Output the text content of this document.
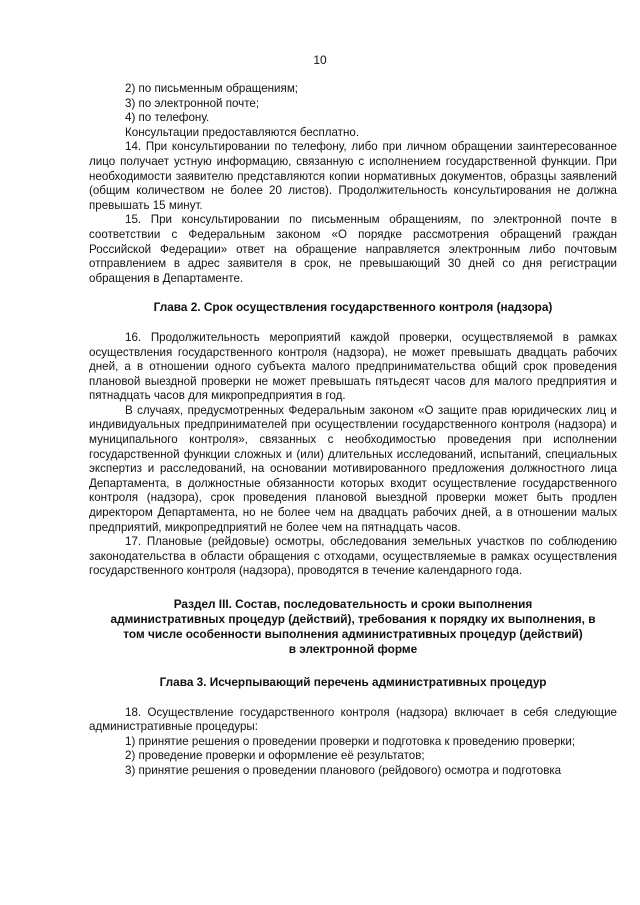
10

2) по письменным обращениям;

3) по электронной почте;

4) по телефону.

Консультации предоставляются бесплатно.

14. При консультировании по телефону, либо при личном обращении заинтересованное лицо получает устную информацию, связанную с исполнением государственной функции. При необходимости заявителю представляются копии нормативных документов, образцы заявлений (общим количеством не более 20 листов). Продолжительность консультирования не должна превышать 15 минут.

15. При консультировании по письменным обращениям, по электронной почте в соответствии с Федеральным законом «О порядке рассмотрения обращений граждан Российской Федерации» ответ на обращение направляется электронным либо почтовым отправлением в адрес заявителя в срок, не превышающий 30 дней со дня регистрации обращения в Департаменте.

Глава 2. Срок осуществления государственного контроля (надзора)

16. Продолжительность мероприятий каждой проверки, осуществляемой в рамках осуществления государственного контроля (надзора), не может превышать двадцать рабочих дней, а в отношении одного субъекта малого предпринимательства общий срок проведения плановой выездной проверки не может превышать пятьдесят часов для малого предприятия и пятнадцать часов для микропредприятия в год.

В случаях, предусмотренных Федеральным законом «О защите прав юридических лиц и индивидуальных предпринимателей при осуществлении государственного контроля (надзора) и муниципального контроля», связанных с необходимостью проведения при исполнении государственной функции сложных и (или) длительных исследований, испытаний, специальных экспертиз и расследований, на основании мотивированного предложения должностного лица Департамента, в должностные обязанности которых входит осуществление государственного контроля (надзора), срок проведения плановой выездной проверки может быть продлен директором Департамента, но не более чем на двадцать рабочих дней, а в отношении малых предприятий, микропредприятий не более чем на пятнадцать часов.

17. Плановые (рейдовые) осмотры, обследования земельных участков по соблюдению законодательства в области обращения с отходами, осуществляемые в рамках осуществления государственного контроля (надзора), проводятся в течение календарного года.

Раздел III. Состав, последовательность и сроки выполнения

административных процедур (действий), требования к порядку их выполнения, в

том числе особенности выполнения административных процедур (действий)

в электронной форме

Глава 3. Исчерпывающий перечень административных процедур

18. Осуществление государственного контроля (надзора) включает в себя следующие административные процедуры:

1) принятие решения о проведении проверки и подготовка к проведению проверки;

2) проведение проверки и оформление её результатов;

3) принятие решения о проведении планового (рейдового) осмотра и подготовка
